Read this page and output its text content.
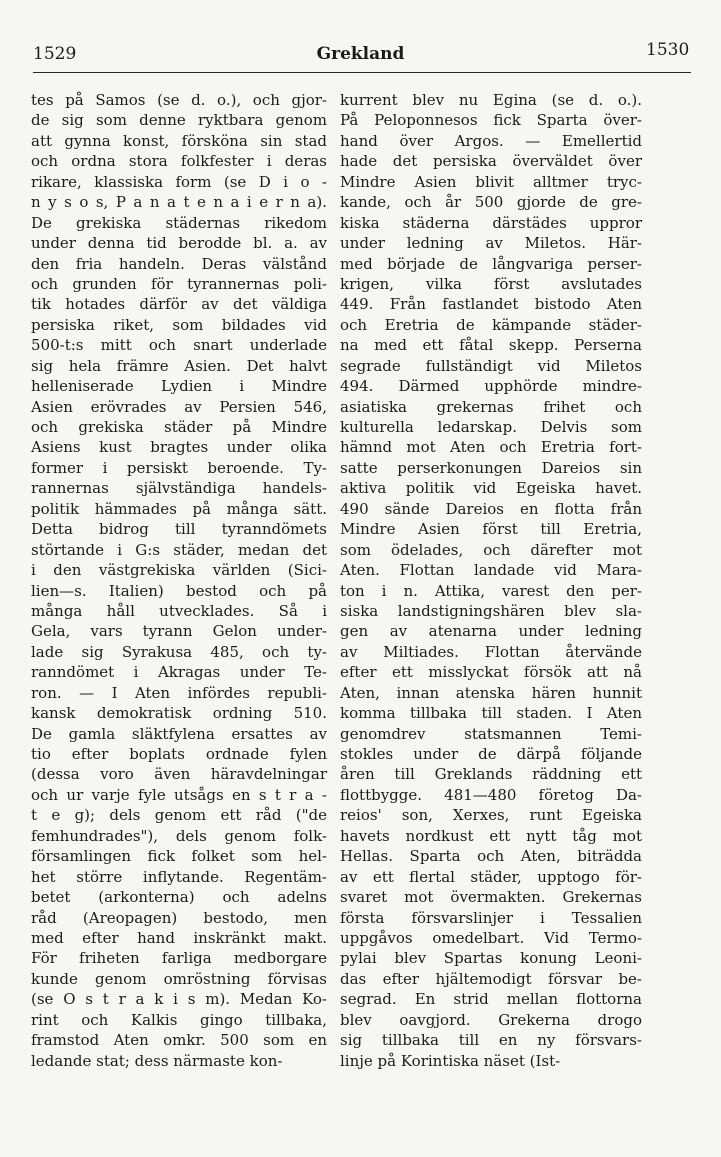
1529	Grekland	1530
tes på Samos (se d. o.), och gjor-
de sig som denne ryktbara genom
att gynna konst, försköna sin stad
och ordna stora folkfester i deras
rikare, klassiska form (se D i o -
n y s o s, P a n a t e n a i e r n a).
De grekiska städernas rikedom
under denna tid berodde bl. a. av
den fria handeln. Deras välstånd
och grunden för tyrannernas poli-
tik hotades därför av det väldiga
persiska riket, som bildades vid
500-t:s mitt och snart underlade
sig hela främre Asien. Det halvt
helleniserade Lydien i Mindre
Asien erövrades av Persien 546,
och grekiska städer på Mindre
Asiens kust bragtes under olika
former i persiskt beroende. Ty-
rannernas självständiga handels-
politik hämmades på många sätt.
Detta bidrog till tyranndömets
störtande i G:s städer, medan det
i den västgrekiska världen (Sici-
lien—s. Italien) bestod och på
många håll utvecklades. Så i
Gela, vars tyrann Gelon under-
lade sig Syrakusa 485, och ty-
ranndömet i Akragas under Te-
ron. — I Aten infördes republi-
kansk demokratisk ordning 510.
De gamla släktfylena ersattes av
tio efter boplats ordnade fylen
(dessa voro även häravdelningar
och ur varje fyle utsågs en s t r a -
t e g); dels genom ett råd ("de
femhundrades"), dels genom folk-
församlingen fick folket som hel-
het större inflytande. Regentäm-
betet (arkonterna) och adelns
råd (Areopagen) bestodo, men
med efter hand inskränkt makt.
För friheten farliga medborgare
kunde genom omröstning förvisas
(se O s t r a k i s m). Medan Ko-
rint och Kalkis gingo tillbaka,
framstod Aten omkr. 500 som en
ledande stat; dess närmaste kon-
kurrent blev nu Egina (se d. o.).
På Peloponnesos fick Sparta över-
hand över Argos. — Emellertid
hade det persiska överväldet över
Mindre Asien blivit alltmer tryc-
kande, och år 500 gjorde de gre-
kiska städerna därstädes uppror
under ledning av Miletos. Här-
med började de långvariga perser-
krigen, vilka först avslutades
449. Från fastlandet bistodo Aten
och Eretria de kämpande städer-
na med ett fåtal skepp. Perserna
segrade fullständigt vid Miletos
494. Därmed upphörde mindre-
asiatiska grekernas frihet och
kulturella ledarskap. Delvis som
hämnd mot Aten och Eretria fort-
satte perserkonungen Dareios sin
aktiva politik vid Egeiska havet.
490 sände Dareios en flotta från
Mindre Asien först till Eretria,
som ödelades, och därefter mot
Aten. Flottan landade vid Mara-
ton i n. Attika, varest den per-
siska landstigningshären blev sla-
gen av atenarna under ledning
av Miltiades. Flottan återvände
efter ett misslyckat försök att nå
Aten, innan atenska hären hunnit
komma tillbaka till staden. I Aten
genomdrev statsmannen Temi-
stokles under de därpå följande
åren till Greklands räddning ett
flottbygge. 481—480 företog Da-
reios' son, Xerxes, runt Egeiska
havets nordkust ett nytt tåg mot
Hellas. Sparta och Aten, biträdda
av ett flertal städer, upptogo för-
svaret mot övermakten. Grekernas
första försvarslinjer i Tessalien
uppgåvos omedelbart. Vid Termo-
pylai blev Spartas konung Leoni-
das efter hjältemodigt försvar be-
segrad. En strid mellan flottorna
blev oavgjord. Grekerna drogo
sig tillbaka till en ny försvars-
linje på Korintiska näset (Ist-
